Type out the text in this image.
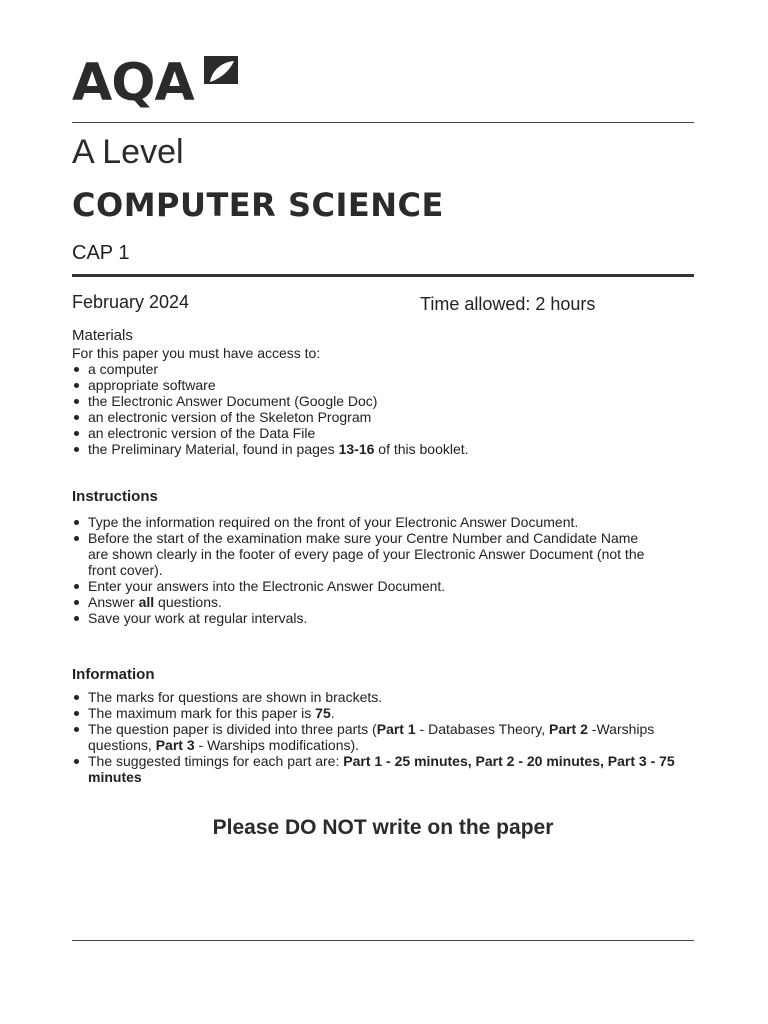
AQA
A Level
COMPUTER SCIENCE
CAP 1
February 2024	Time allowed: 2 hours

Materials

For this paper you must have access to:
a computer
appropriate software
the Electronic Answer Document (Google Doc)
an electronic version of the Skeleton Program
an electronic version of the Data File
the Preliminary Material, found in pages 13-16 of this booklet.

Instructions

Type the information required on the front of your Electronic Answer Document.
Before the start of the examination make sure your Centre Number and Candidate Name are shown clearly in the footer of every page of your Electronic Answer Document (not the front cover).
Enter your answers into the Electronic Answer Document.
Answer all questions.
Save your work at regular intervals.

Information

The marks for questions are shown in brackets.
The maximum mark for this paper is 75.
The question paper is divided into three parts (Part 1 - Databases Theory, Part 2 -Warships questions, Part 3 - Warships modifications).
The suggested timings for each part are: Part 1 - 25 minutes, Part 2 - 20 minutes, Part 3 - 75 minutes
Please DO NOT write on the paper
